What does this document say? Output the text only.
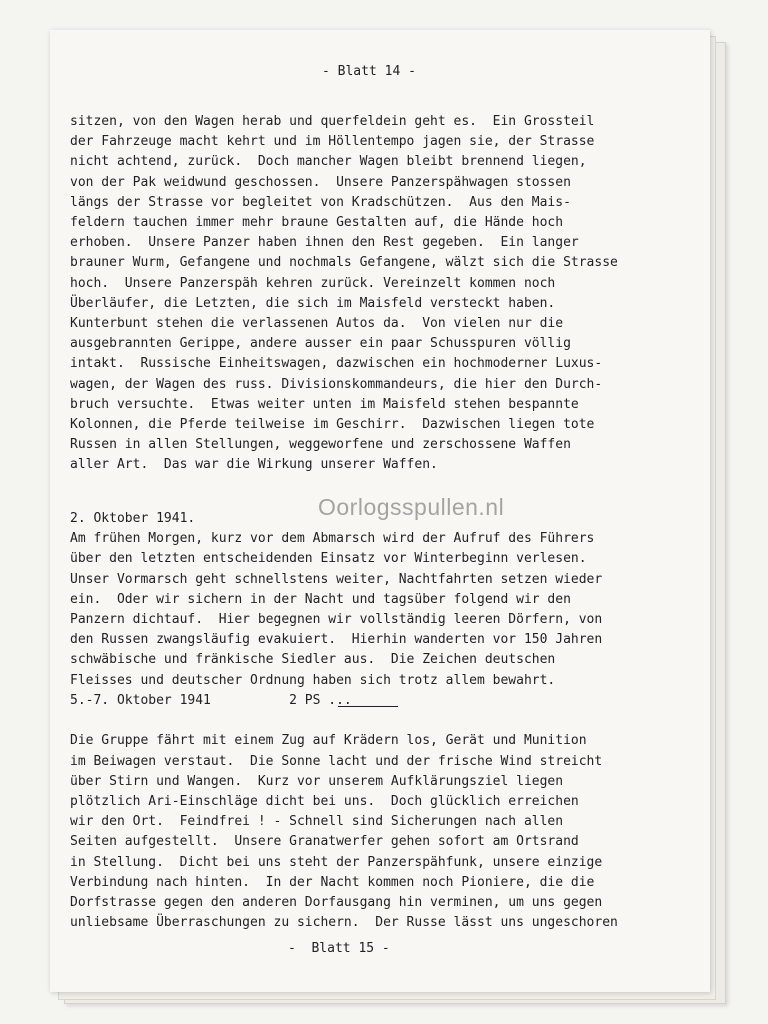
- Blatt 14 -
sitzen, von den Wagen herab und querfeldein geht es.  Ein Grossteil
der Fahrzeuge macht kehrt und im Höllentempo jagen sie, der Strasse
nicht achtend, zurück.  Doch mancher Wagen bleibt brennend liegen,
von der Pak weidwund geschossen.  Unsere Panzerspähwagen stossen
längs der Strasse vor begleitet von Kradschützen.  Aus den Mais-
feldern tauchen immer mehr braune Gestalten auf, die Hände hoch
erhoben.  Unsere Panzer haben ihnen den Rest gegeben.  Ein langer
brauner Wurm, Gefangene und nochmals Gefangene, wälzt sich die Strasse
hoch.  Unsere Panzerspäh kehren zurück. Vereinzelt kommen noch
Überläufer, die Letzten, die sich im Maisfeld versteckt haben.
Kunterbunt stehen die verlassenen Autos da.  Von vielen nur die
ausgebrannten Gerippe, andere ausser ein paar Schusspuren völlig
intakt.  Russische Einheitswagen, dazwischen ein hochmoderner Luxus-
wagen, der Wagen des russ. Divisionskommandeurs, die hier den Durch-
bruch versuchte.  Etwas weiter unten im Maisfeld stehen bespannte
Kolonnen, die Pferde teilweise im Geschirr.  Dazwischen liegen tote
Russen in allen Stellungen, weggeworfene und zerschossene Waffen
aller Art.  Das war die Wirkung unserer Waffen.
2. Oktober 1941.
Am frühen Morgen, kurz vor dem Abmarsch wird der Aufruf des Führers
über den letzten entscheidenden Einsatz vor Winterbeginn verlesen.
Unser Vormarsch geht schnellstens weiter, Nachtfahrten setzen wieder
ein.  Oder wir sichern in der Nacht und tagsüber folgend wir den
Panzern dichtauf.  Hier begegnen wir vollständig leeren Dörfern, von
den Russen zwangsläufig evakuiert.  Hierhin wanderten vor 150 Jahren
schwäbische und fränkische Siedler aus.  Die Zeichen deutschen
Fleisses und deutscher Ordnung haben sich trotz allem bewahrt.
5.-7. Oktober 1941          2 PS ...

Die Gruppe fährt mit einem Zug auf Krädern los, Gerät und Munition
im Beiwagen verstaut.  Die Sonne lacht und der frische Wind streicht
über Stirn und Wangen.  Kurz vor unserem Aufklärungsziel liegen
plötzlich Ari-Einschläge dicht bei uns.  Doch glücklich erreichen
wir den Ort.  Feindfrei ! - Schnell sind Sicherungen nach allen
Seiten aufgestellt.  Unsere Granatwerfer gehen sofort am Ortsrand
in Stellung.  Dicht bei uns steht der Panzerspähfunk, unsere einzige
Verbindung nach hinten.  In der Nacht kommen noch Pioniere, die die
Dorfstrasse gegen den anderen Dorfausgang hin verminen, um uns gegen
unliebsame Überraschungen zu sichern.  Der Russe lässt uns ungeschoren
-  Blatt 15 -
Oorlogsspullen.nl
